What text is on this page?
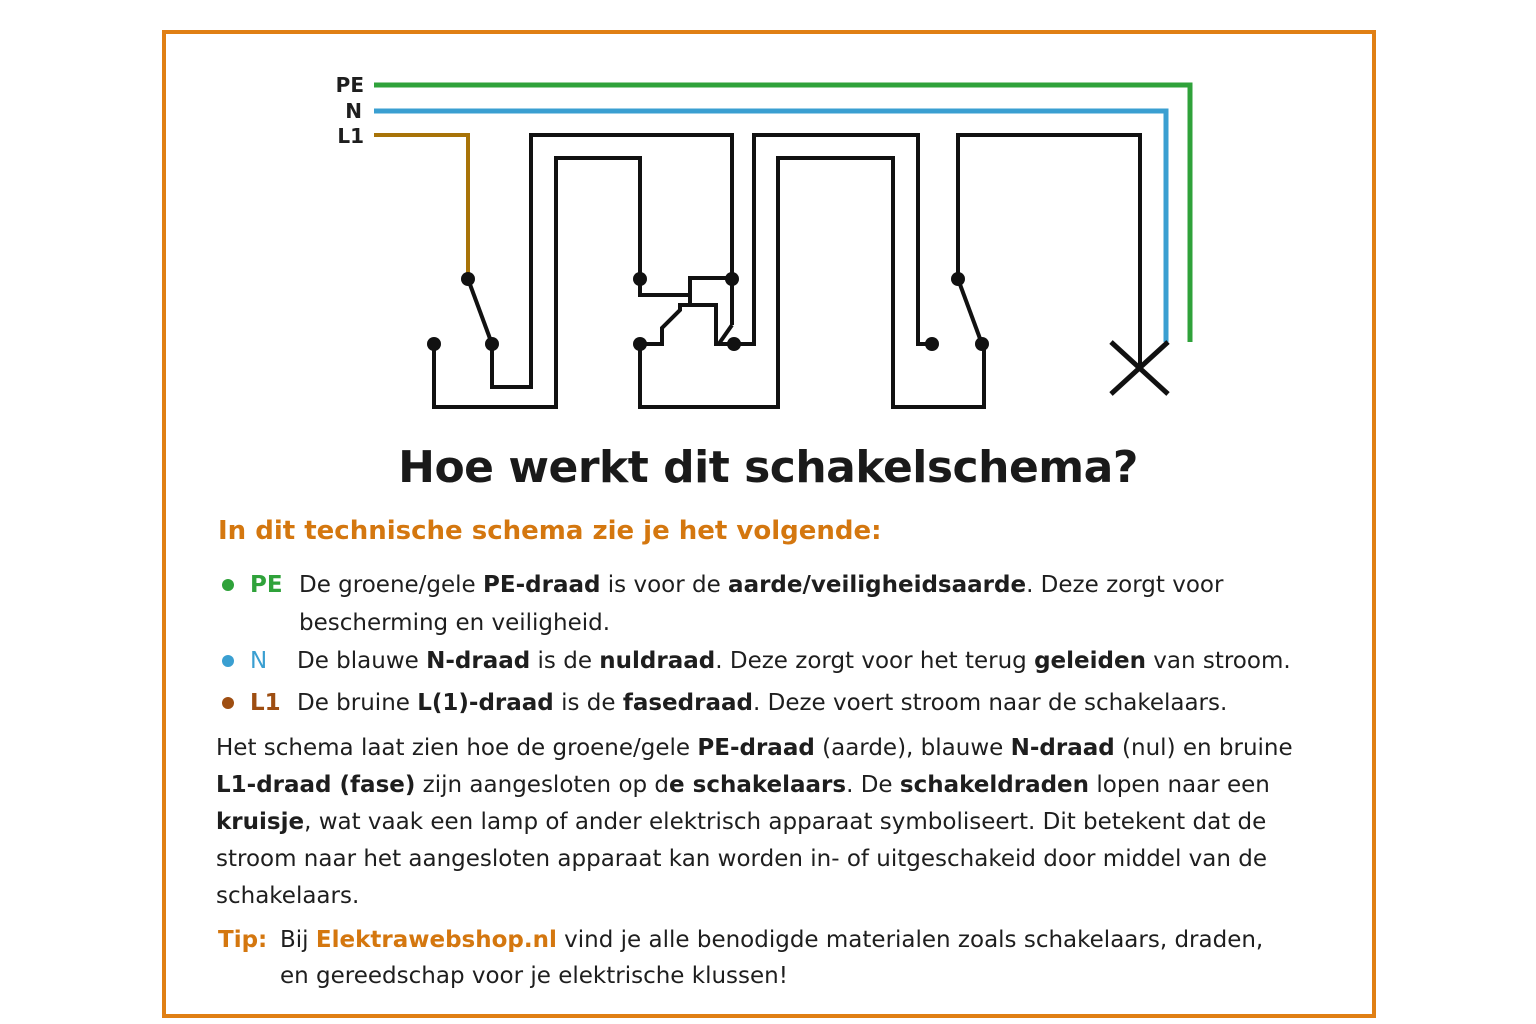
PE
N
L1
Hoe werkt dit schakelschema?

In dit technische schema zie je het volgende:

PE De groene/gele PE-draad is voor de aarde/veiligheidsaarde. Deze zorgt voor
bescherming en veiligheid.
N De blauwe N-draad is de nuldraad. Deze zorgt voor het terug geleiden van stroom.
L1 De bruine L(1)-draad is de fasedraad. Deze voert stroom naar de schakelaars.

Het schema laat zien hoe de groene/gele PE-draad (aarde), blauwe N-draad (nul) en bruine L1-draad (fase) zijn aangesloten op de schakelaars. De schakeldraden lopen naar een kruisje, wat vaak een lamp of ander elektrisch apparaat symboliseert. Dit betekent dat de stroom naar het aangesloten apparaat kan worden in- of uitgeschakeid door middel van de schakelaars.

Tip: Bij Elektrawebshop.nl vind je alle benodigde materialen zoals schakelaars, draden, en gereedschap voor je elektrische klussen!
